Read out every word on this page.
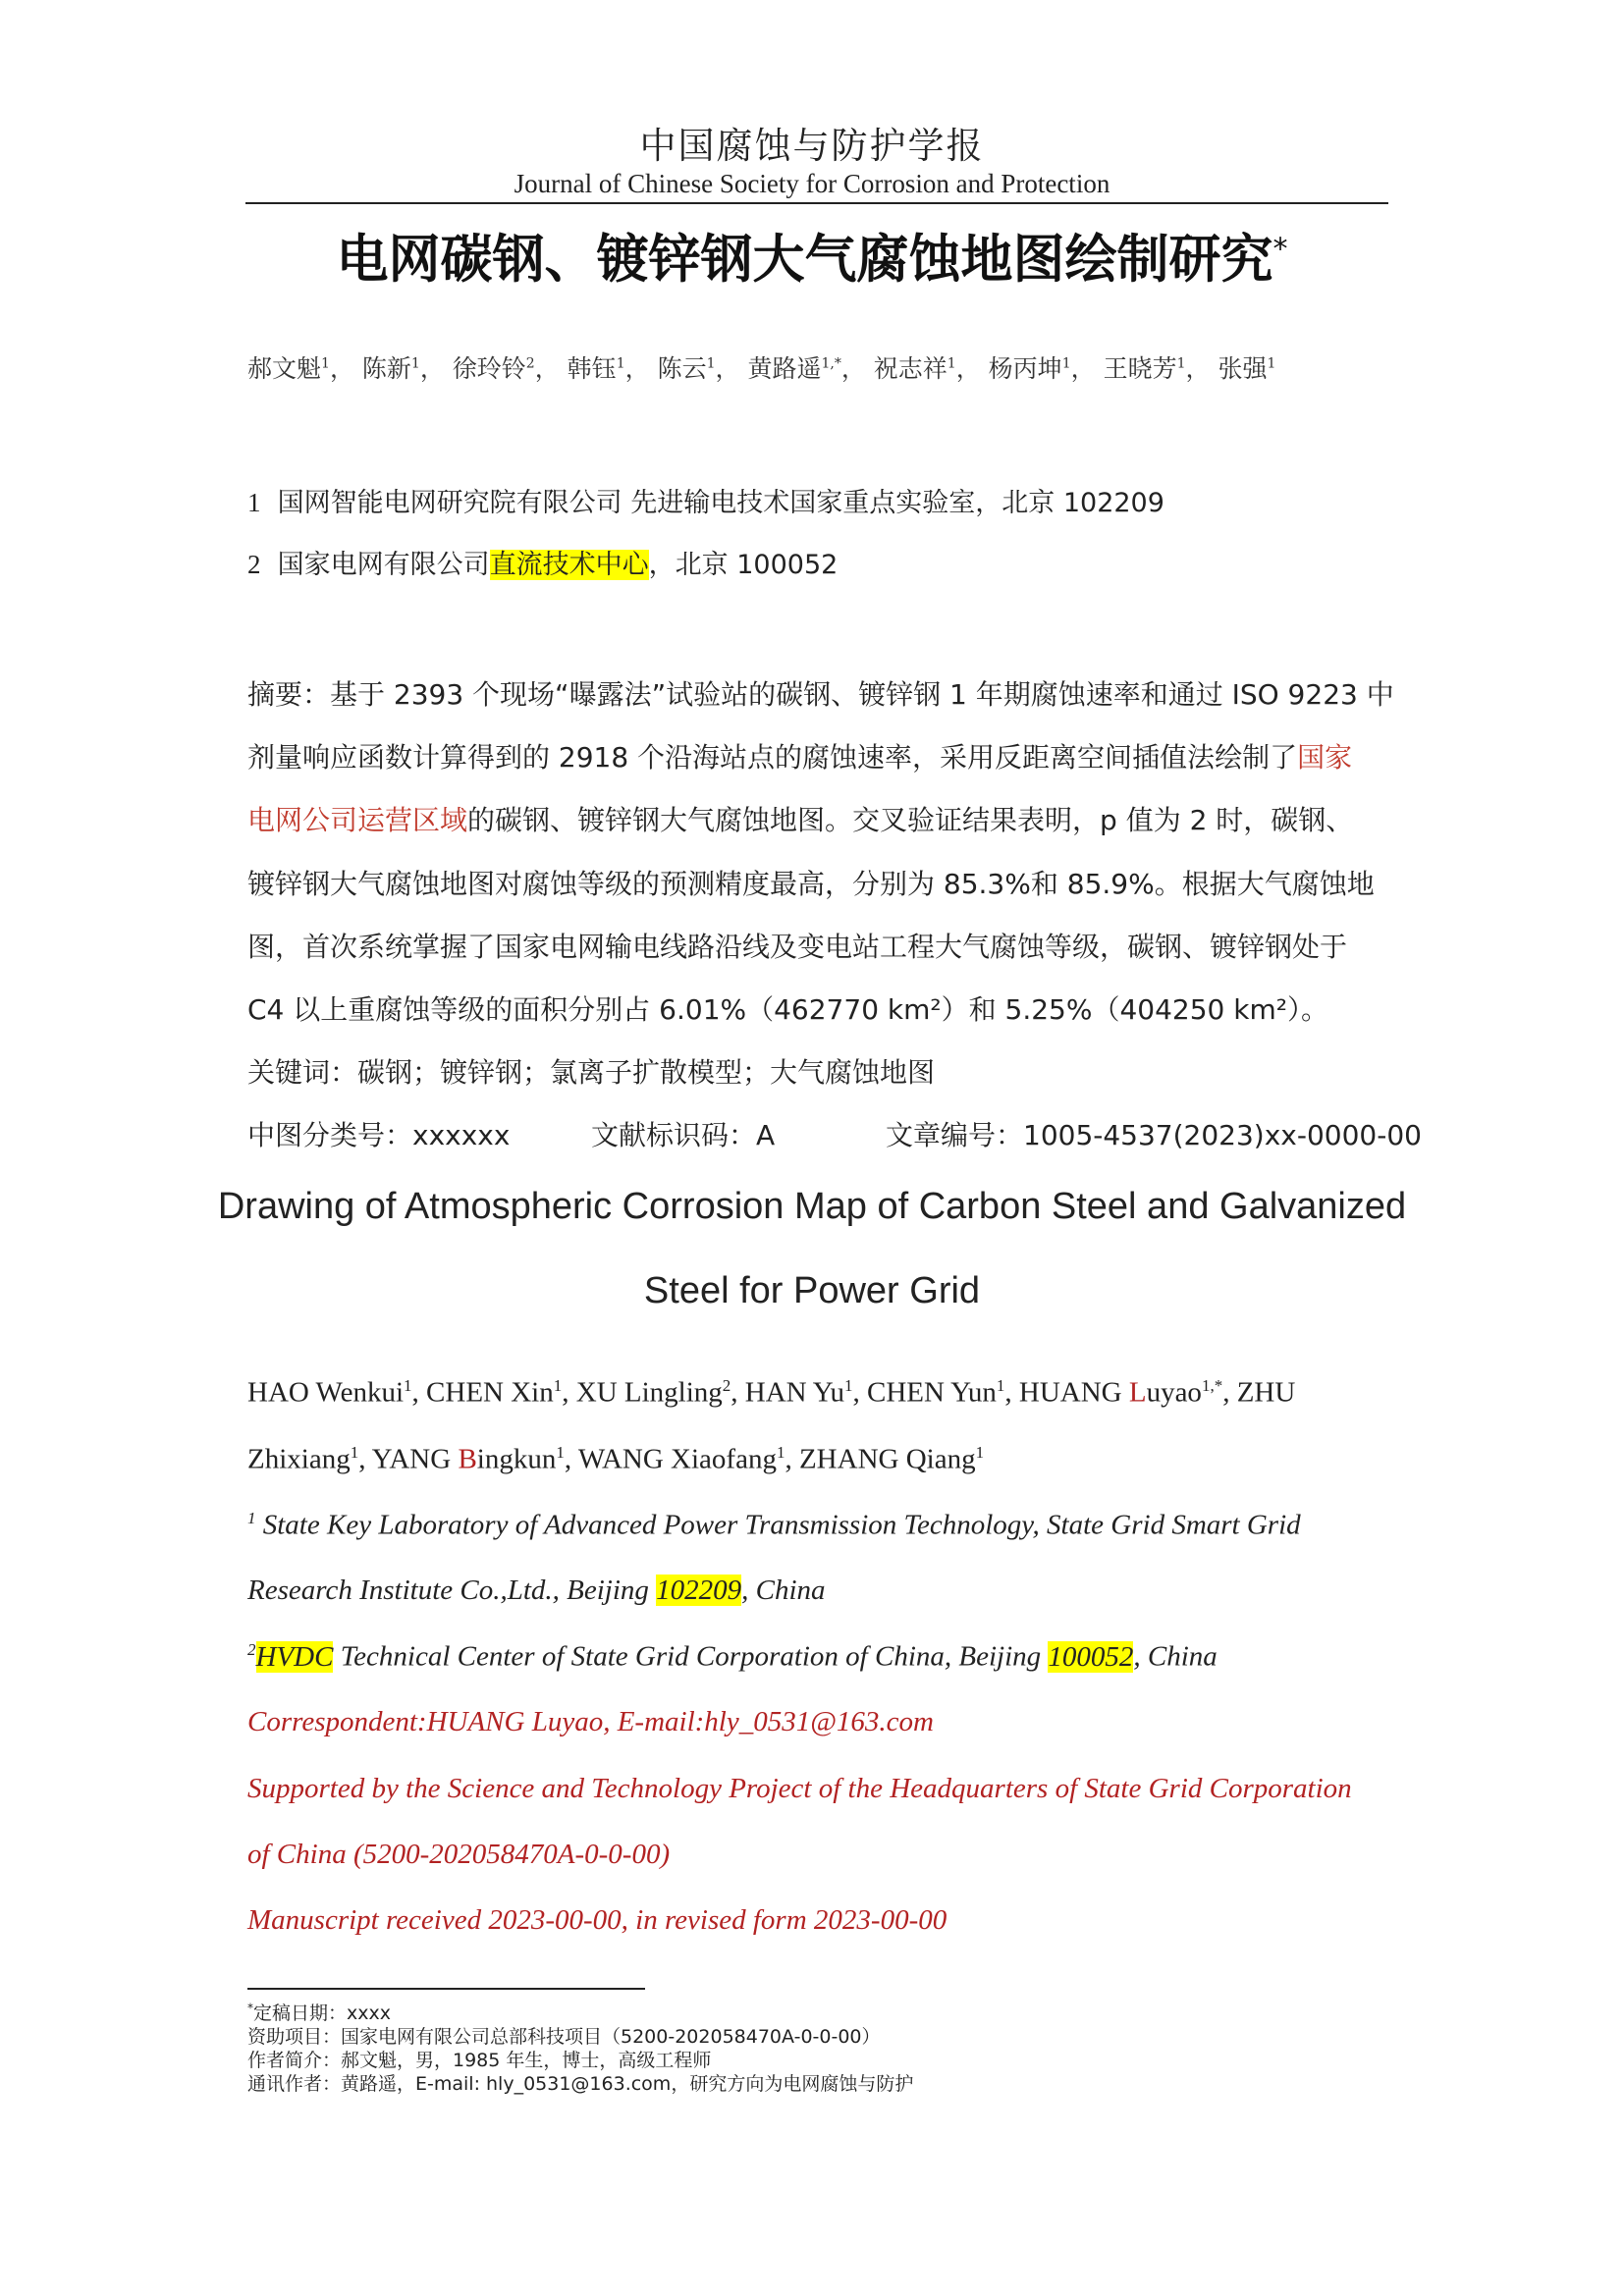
中国腐蚀与防护学报
Journal of Chinese Society for Corrosion and Protection
电网碳钢、镀锌钢大气腐蚀地图绘制研究*
郝文魁$^1$， 陈新$^1$， 徐玲铃$^2$， 韩钰$^1$， 陈云$^1$， 黄路遥$^{1,*}$， 祝志祥$^1$， 杨丙坤$^1$， 王晓芳$^1$， 张强$^1$
1 国网智能电网研究院有限公司 先进输电技术国家重点实验室，北京 102209
2 国家电网有限公司直流技术中心，北京 100052
摘要：基于 2393 个现场“曝露法”试验站的碳钢、镀锌钢 1 年期腐蚀速率和通过 ISO 9223 中
剂量响应函数计算得到的 2918 个沿海站点的腐蚀速率，采用反距离空间插值法绘制了国家
电网公司运营区域的碳钢、镀锌钢大气腐蚀地图。交叉验证结果表明，p 值为 2 时，碳钢、
镀锌钢大气腐蚀地图对腐蚀等级的预测精度最高，分别为 85.3%和 85.9%。根据大气腐蚀地
图，首次系统掌握了国家电网输电线路沿线及变电站工程大气腐蚀等级，碳钢、镀锌钢处于
C4 以上重腐蚀等级的面积分别占 6.01%（462770 km²）和 5.25%（404250 km²）。
关键词：碳钢；镀锌钢；氯离子扩散模型；大气腐蚀地图
中图分类号：xxxxxx	文献标识码：A	文章编号：1005-4537(2023)xx-0000-00
Drawing of Atmospheric Corrosion Map of Carbon Steel and Galvanized
Steel for Power Grid
HAO Wenkui$^1$, CHEN Xin$^1$, XU Lingling$^2$, HAN Yu$^1$, CHEN Yun$^1$, HUANG Luyao$^{1,*}$, ZHU
Zhixiang$^1$, YANG Bingkun$^1$, WANG Xiaofang$^1$, ZHANG Qiang$^1$
$^1$ State Key Laboratory of Advanced Power Transmission Technology, State Grid Smart Grid
Research Institute Co.,Ltd., Beijing 102209, China
$^2$HVDC Technical Center of State Grid Corporation of China, Beijing 100052, China
Correspondent:HUANG Luyao, E-mail:hly_0531@163.com
Supported by the Science and Technology Project of the Headquarters of State Grid Corporation
of China (5200-202058470A-0-0-00)
Manuscript received 2023-00-00, in revised form 2023-00-00
*定稿日期：xxxx
资助项目：国家电网有限公司总部科技项目（5200-202058470A-0-0-00）
作者简介：郝文魁，男，1985 年生，博士，高级工程师
通讯作者：黄路遥，E-mail: hly_0531@163.com，研究方向为电网腐蚀与防护
